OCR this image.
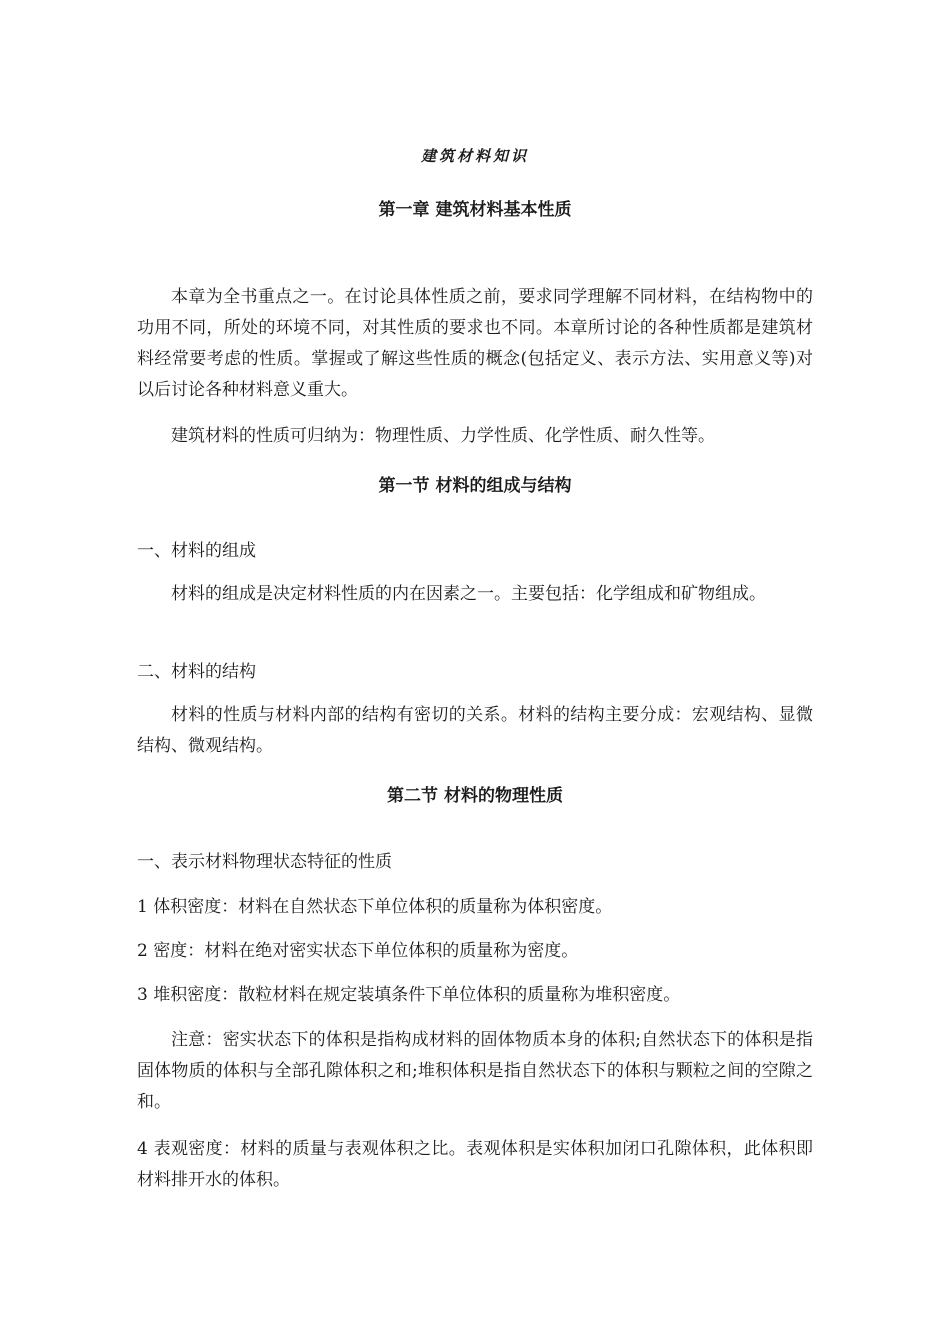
建筑材料知识
第一章 建筑材料基本性质
本章为全书重点之一。在讨论具体性质之前，要求同学理解不同材料，在结构物中的功用不同，所处的环境不同，对其性质的要求也不同。本章所讨论的各种性质都是建筑材料经常要考虑的性质。掌握或了解这些性质的概念(包括定义、表示方法、实用意义等)对以后讨论各种材料意义重大。
建筑材料的性质可归纳为：物理性质、力学性质、化学性质、耐久性等。
第一节 材料的组成与结构
一、材料的组成
材料的组成是决定材料性质的内在因素之一。主要包括：化学组成和矿物组成。
二、材料的结构
材料的性质与材料内部的结构有密切的关系。材料的结构主要分成：宏观结构、显微结构、微观结构。
第二节 材料的物理性质
一、表示材料物理状态特征的性质
1 体积密度：材料在自然状态下单位体积的质量称为体积密度。
2 密度：材料在绝对密实状态下单位体积的质量称为密度。
3 堆积密度：散粒材料在规定装填条件下单位体积的质量称为堆积密度。
注意：密实状态下的体积是指构成材料的固体物质本身的体积;自然状态下的体积是指固体物质的体积与全部孔隙体积之和;堆积体积是指自然状态下的体积与颗粒之间的空隙之和。
4 表观密度：材料的质量与表观体积之比。表观体积是实体积加闭口孔隙体积，此体积即材料排开水的体积。
